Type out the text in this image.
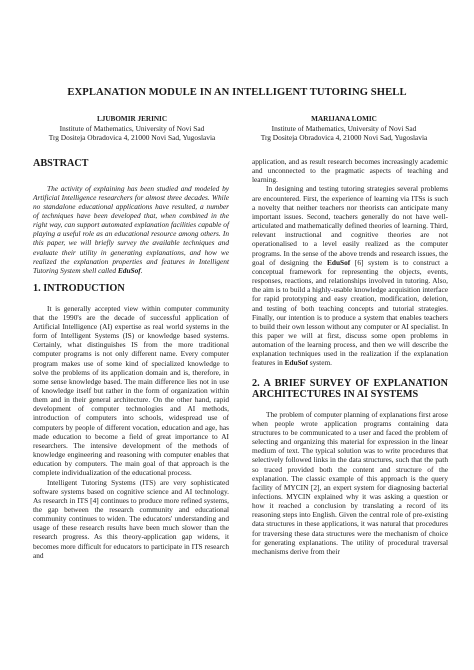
EXPLANATION MODULE IN AN INTELLIGENT TUTORING SHELL
LJUBOMIR JERINIC
Institute of Mathematics, University of Novi Sad
Trg Dositeja Obradovica 4, 21000 Novi Sad, Yugoslavia
MARIJANA LOMIC
Institute of Mathematics, University of Novi Sad
Trg Dositeja Obradovica 4, 21000 Novi Sad, Yugoslavia
ABSTRACT

The activity of explaining has been studied and modeled by Artificial Intelligence researchers for almost three decades. While no standalone educational applications have resulted, a number of techniques have been developed that, when combined in the right way, can support automated explanation facilities capable of playing a useful role as an educational resource among others. In this paper, we will briefly survey the available techniques and evaluate their utility in generating explanations, and how we realized the explanation properties and features in Intelligent Tutoring System shell called EduSof.

1. INTRODUCTION

It is generally accepted view within computer community that the 1990's are the decade of successful application of Artificial Intelligence (AI) expertise as real world systems in the form of Intelligent Systems (IS) or knowledge based systems. Certainly, what distinguishes IS from the more traditional computer programs is not only different name. Every computer program makes use of some kind of specialized knowledge to solve the problems of its application domain and is, therefore, in some sense knowledge based. The main difference lies not in use of knowledge itself but rather in the form of organization within them and in their general architecture. On the other hand, rapid development of computer technologies and AI methods, introduction of computers into schools, widespread use of computers by people of different vocation, education and age, has made education to become a field of great importance to AI researchers. The intensive development of the methods of knowledge engineering and reasoning with computer enables that education by computers. The main goal of that approach is the complete individualization of the educational process.

Intelligent Tutoring Systems (ITS) are very sophisticated software systems based on cognitive science and AI technology. As research in ITS [4] continues to produce more refined systems, the gap between the research community and educational community continues to widen. The educators' understanding and usage of these research results have been much slower than the research progress. As this theory-application gap widens, it becomes more difficult for educators to participate in ITS research and

application, and as result research becomes increasingly academic and unconnected to the pragmatic aspects of teaching and learning.

In designing and testing tutoring strategies several problems are encountered. First, the experience of learning via ITSs is such a novelty that neither teachers nor theorists can anticipate many important issues. Second, teachers generally do not have well-articulated and mathematically defined theories of learning. Third, relevant instructional and cognitive theories are not operationalised to a level easily realized as the computer programs. In the sense of the above trends and research issues, the goal of designing the EduSof [6] system is to construct a conceptual framework for representing the objects, events, responses, reactions, and relationships involved in tutoring. Also, the aim is to build a highly-usable knowledge acquisition interface for rapid prototyping and easy creation, modification, deletion, and testing of both teaching concepts and tutorial strategies. Finally, our intention is to produce a system that enables teachers to build their own lesson without any computer or AI specialist. In this paper we will at first, discuss some open problems in automation of the learning process, and then we will describe the explanation techniques used in the realization if the explanation features in EduSof system.

2. A BRIEF SURVEY OF EXPLANATION ARCHITECTURES IN AI SYSTEMS

The problem of computer planning of explanations first arose when people wrote application programs containing data structures to be communicated to a user and faced the problem of selecting and organizing this material for expression in the linear medium of text. The typical solution was to write procedures that selectively followed links in the data structures, such that the path so traced provided both the content and structure of the explanation. The classic example of this approach is the query facility of MYCIN [2], an expert system for diagnosing bacterial infections. MYCIN explained why it was asking a question or how it reached a conclusion by translating a record of its reasoning steps into English. Given the central role of pre-existing data structures in these applications, it was natural that procedures for traversing these data structures were the mechanism of choice for generating explanations. The utility of procedural traversal mechanisms derive from their
